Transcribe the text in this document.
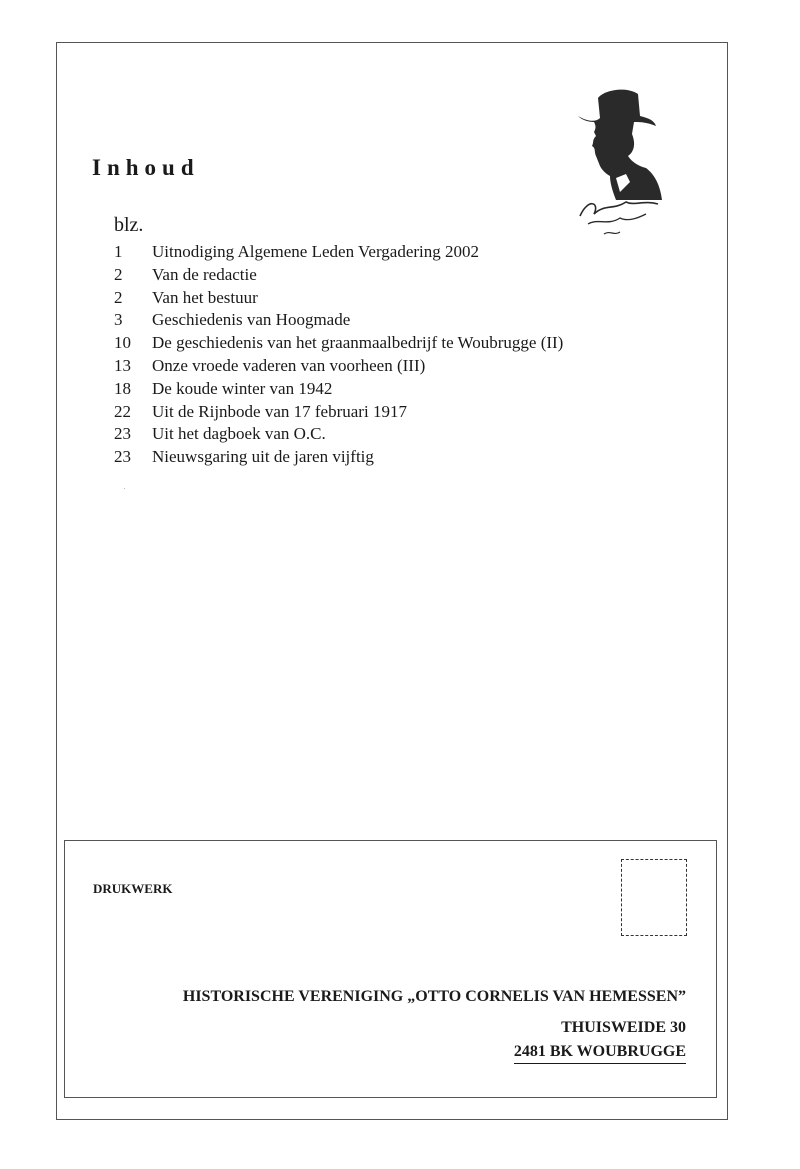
Inhoud

blz.

1	Uitnodiging Algemene Leden Vergadering 2002
2	Van de redactie
2	Van het bestuur
3	Geschiedenis van Hoogmade
10	De geschiedenis van het graanmaalbedrijf te Woubrugge (II)
13	Onze vroede vaderen van voorheen (III)
18	De koude winter van 1942
22	Uit de Rijnbode van 17 februari 1917
23	Uit het dagboek van O.C.
23	Nieuwsgaring uit de jaren vijftig

DRUKWERK

HISTORISCHE VERENIGING „OTTO CORNELIS VAN HEMESSEN”

THUISWEIDE 30

2481 BK WOUBRUGGE
